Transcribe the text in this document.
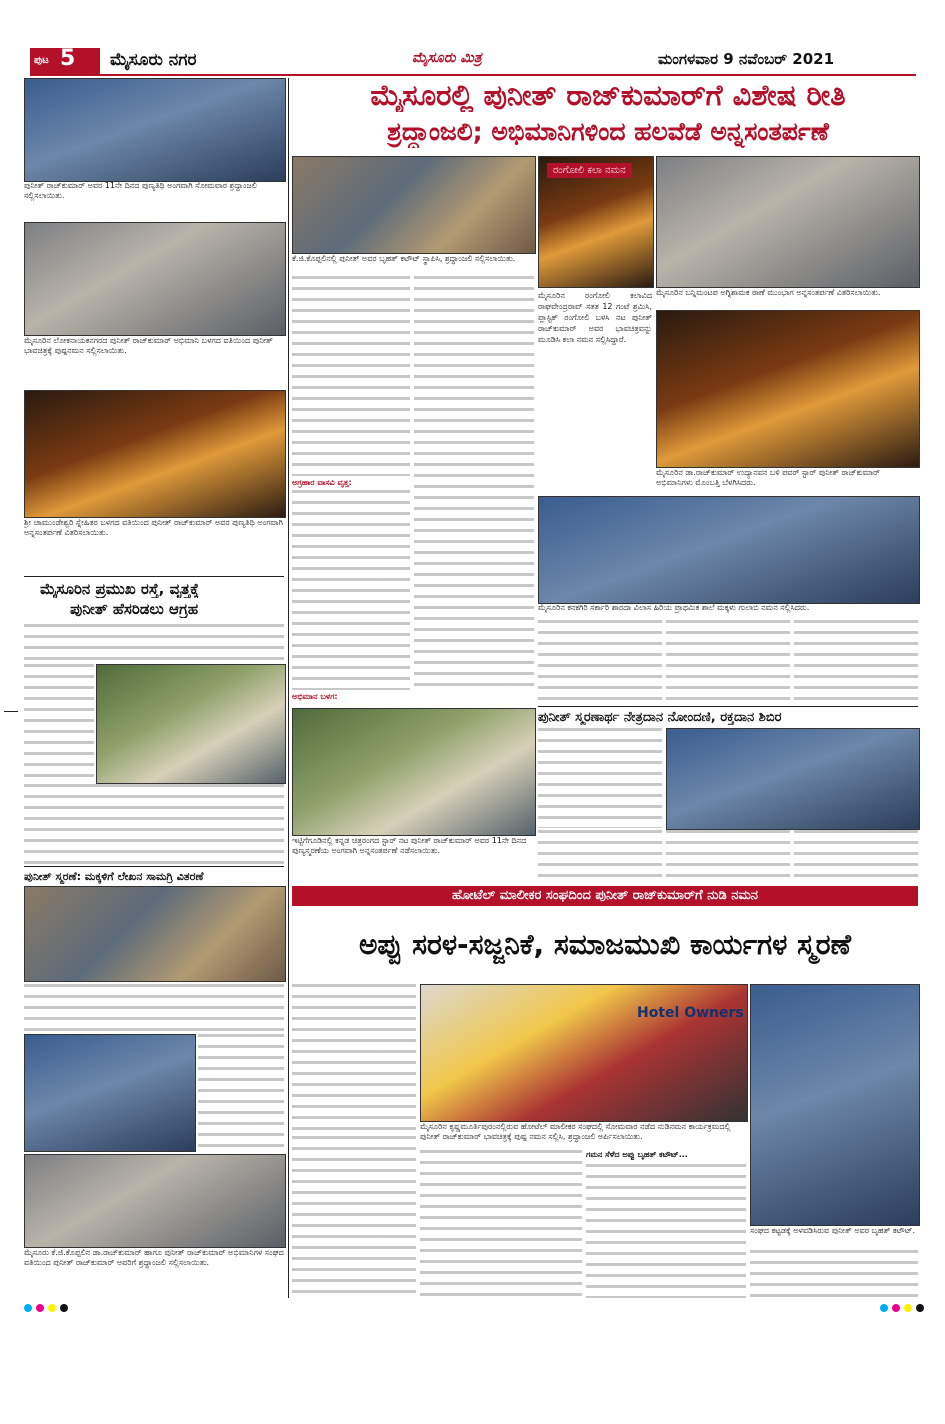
ಪುಟ 5 ಮೈಸೂರು ನಗರ	ಮೈಸೂರು ಮಿತ್ರ	ಮಂಗಳವಾರ 9 ನವೆಂಬರ್ 2021
ಪುನೀತ್ ರಾಜ್‌ಕುಮಾರ್ ಅವರ 11ನೇ ದಿನದ ಪುಣ್ಯತಿಥಿ ಅಂಗವಾಗಿ ಸೋಮವಾರ ಶ್ರದ್ಧಾಂಜಲಿ ಸಲ್ಲಿಸಲಾಯಿತು.
ಮೈಸೂರಿನ ಲೋಕನಾಯಕನಗರದ ಪುನೀತ್ ರಾಜ್‌ಕುಮಾರ್ ಅಭಿಮಾನಿ ಬಳಗದ ವತಿಯಿಂದ ಪುನೀತ್ ಭಾವಚಿತ್ರಕ್ಕೆ ಪುಷ್ಪನಮನ ಸಲ್ಲಿಸಲಾಯಿತು.
ಶ್ರೀ ಚಾಮುಂಡೇಶ್ವರಿ ಸ್ನೇಹಿತರ ಬಳಗದ ವತಿಯಿಂದ ಪುನೀತ್ ರಾಜ್‌ಕುಮಾರ್ ಅವರ ಪುಣ್ಯತಿಥಿ ಅಂಗವಾಗಿ ಅನ್ನಸಂತರ್ಪಣೆ ವಿತರಿಸಲಾಯಿತು.
ಮೈಸೂರಿನ ಪ್ರಮುಖ ರಸ್ತೆ, ವೃತ್ತಕ್ಕೆ
ಪುನೀತ್ ಹೆಸರಿಡಲು ಆಗ್ರಹ
ಪುನೀತ್ ಸ್ಮರಣೆ: ಮಕ್ಕಳಿಗೆ ಲೇಖನ ಸಾಮಗ್ರಿ ವಿತರಣೆ
ಮೈಸೂರು ಕೆ.ಜಿ.ಕೊಪ್ಪಲಿನ ಡಾ.ರಾಜ್‌ಕುಮಾರ್ ಹಾಗೂ ಪುನೀತ್ ರಾಜ್‌ಕುಮಾರ್ ಅಭಿಮಾನಿಗಳ ಸಂಘದ ವತಿಯಿಂದ ಪುನೀತ್ ರಾಜ್‌ಕುಮಾರ್ ಅವರಿಗೆ ಶ್ರದ್ಧಾಂಜಲಿ ಸಲ್ಲಿಸಲಾಯಿತು.
ಮೈಸೂರಲ್ಲಿ ಪುನೀತ್ ರಾಜ್‌ಕುಮಾರ್‌ಗೆ ವಿಶೇಷ ರೀತಿ
ಶ್ರದ್ಧಾಂಜಲಿ; ಅಭಿಮಾನಿಗಳಿಂದ ಹಲವೆಡೆ ಅನ್ನಸಂತರ್ಪಣೆ
ಕೆ.ಜಿ.ಕೊಪ್ಪಲಿನಲ್ಲಿ ಪುನೀತ್ ಅವರ ಬೃಹತ್ ಕಟೌಟ್ ಸ್ಥಾಪಿಸಿ, ಶ್ರದ್ಧಾಂಜಲಿ ಸಲ್ಲಿಸಲಾಯಿತು.
ಅಗ್ರಹಾರ ವಾಸವಿ ವೃತ್ತ:
ಅಭಿಮಾನ ಬಳಗ:
ರಂಗೋಲಿ ಕಲಾ ನಮನ
ಮೈಸೂರಿನ ರಂಗೋಲಿ ಕಲಾವಿದ ರಾಘವೇಂದ್ರರಾವ್ ಸತತ 12 ಗಂಟೆ ಶ್ರಮಿಸಿ, ಪ್ಲಾಸ್ಟಿಕ್ ರಂಗೋಲಿ ಬಳಸಿ ನಟ ಪುನೀತ್ ರಾಜ್‌ಕುಮಾರ್ ಅವರ ಭಾವಚಿತ್ರವನ್ನು ಮೂಡಿಸಿ ಕಲಾ ನಮನ ಸಲ್ಲಿಸಿದ್ದಾರೆ.
ಮೈಸೂರಿನ ಬನ್ನಿಮಂಟಪ ಅಗ್ನಿಶಾಮಕ ಠಾಣೆ ಮುಂಭಾಗ ಅನ್ನಸಂತರ್ಪಣೆ ವಿತರಿಸಲಾಯಿತು.
ಮೈಸೂರಿನ ಡಾ.ರಾಜ್‌ಕುಮಾರ್ ಉದ್ಯಾನವನ ಬಳಿ ಪವರ್ ಸ್ಟಾರ್ ಪುನೀತ್ ರಾಜ್‌ಕುಮಾರ್ ಅಭಿಮಾನಿಗಳು ಮೊಂಬತ್ತಿ ಬೆಳಗಿಸಿದರು.
ಮೈಸೂರಿನ ಕನಕಗಿರಿ ಸರ್ಕಾರಿ ಶಾರದಾ ವಿಲಾಸ ಹಿರಿಯ ಪ್ರಾಥಮಿಕ ಶಾಲೆ ಮಕ್ಕಳು ಗುಲಾಬಿ ನಮನ ಸಲ್ಲಿಸಿದರು.
ಇಟ್ಟಿಗೆಗೂಡಿನಲ್ಲಿ ಕನ್ನಡ ಚಿತ್ರರಂಗದ ಸ್ಟಾರ್ ನಟ ಪುನೀತ್ ರಾಜ್‌ಕುಮಾರ್ ಅವರ 11ನೇ ದಿನದ ಪುಣ್ಯಸ್ಮರಣೆಯ ಅಂಗವಾಗಿ ಅನ್ನಸಂತರ್ಪಣೆ ನಡೆಸಲಾಯಿತು.
ಪುನೀತ್ ಸ್ಮರಣಾರ್ಥ ನೇತ್ರದಾನ ನೋಂದಣಿ, ರಕ್ತದಾನ ಶಿಬಿರ
ಹೋಟೆಲ್ ಮಾಲೀಕರ ಸಂಘದಿಂದ ಪುನೀತ್ ರಾಜ್‌ಕುಮಾರ್‌ಗೆ ನುಡಿ ನಮನ
ಅಪ್ಪು ಸರಳ-ಸಜ್ಜನಿಕೆ, ಸಮಾಜಮುಖಿ ಕಾರ್ಯಗಳ ಸ್ಮರಣೆ
Hotel Owners
ಮೈಸೂರಿನ ಕೃಷ್ಣಮೂರ್ತಿಪುರಂನಲ್ಲಿರುವ ಹೋಟೆಲ್ ಮಾಲೀಕರ ಸಂಘದಲ್ಲಿ ಸೋಮವಾರ ನಡೆದ ನುಡಿನಮನ ಕಾರ್ಯಕ್ರಮದಲ್ಲಿ ಪುನೀತ್ ರಾಜ್‌ಕುಮಾರ್ ಭಾವಚಿತ್ರಕ್ಕೆ ಪುಷ್ಪ ನಮನ ಸಲ್ಲಿಸಿ, ಶ್ರದ್ಧಾಂಜಲಿ ಅರ್ಪಿಸಲಾಯಿತು.
ಗಮನ ಸೆಳೆದ ಅಪ್ಪು ಬೃಹತ್ ಕಟೌಟ್...
ಸಂಘದ ಕಟ್ಟಡಕ್ಕೆ ಅಳವಡಿಸಿರುವ ಪುನೀತ್ ಅವರ ಬೃಹತ್ ಕಟೌಟ್.
